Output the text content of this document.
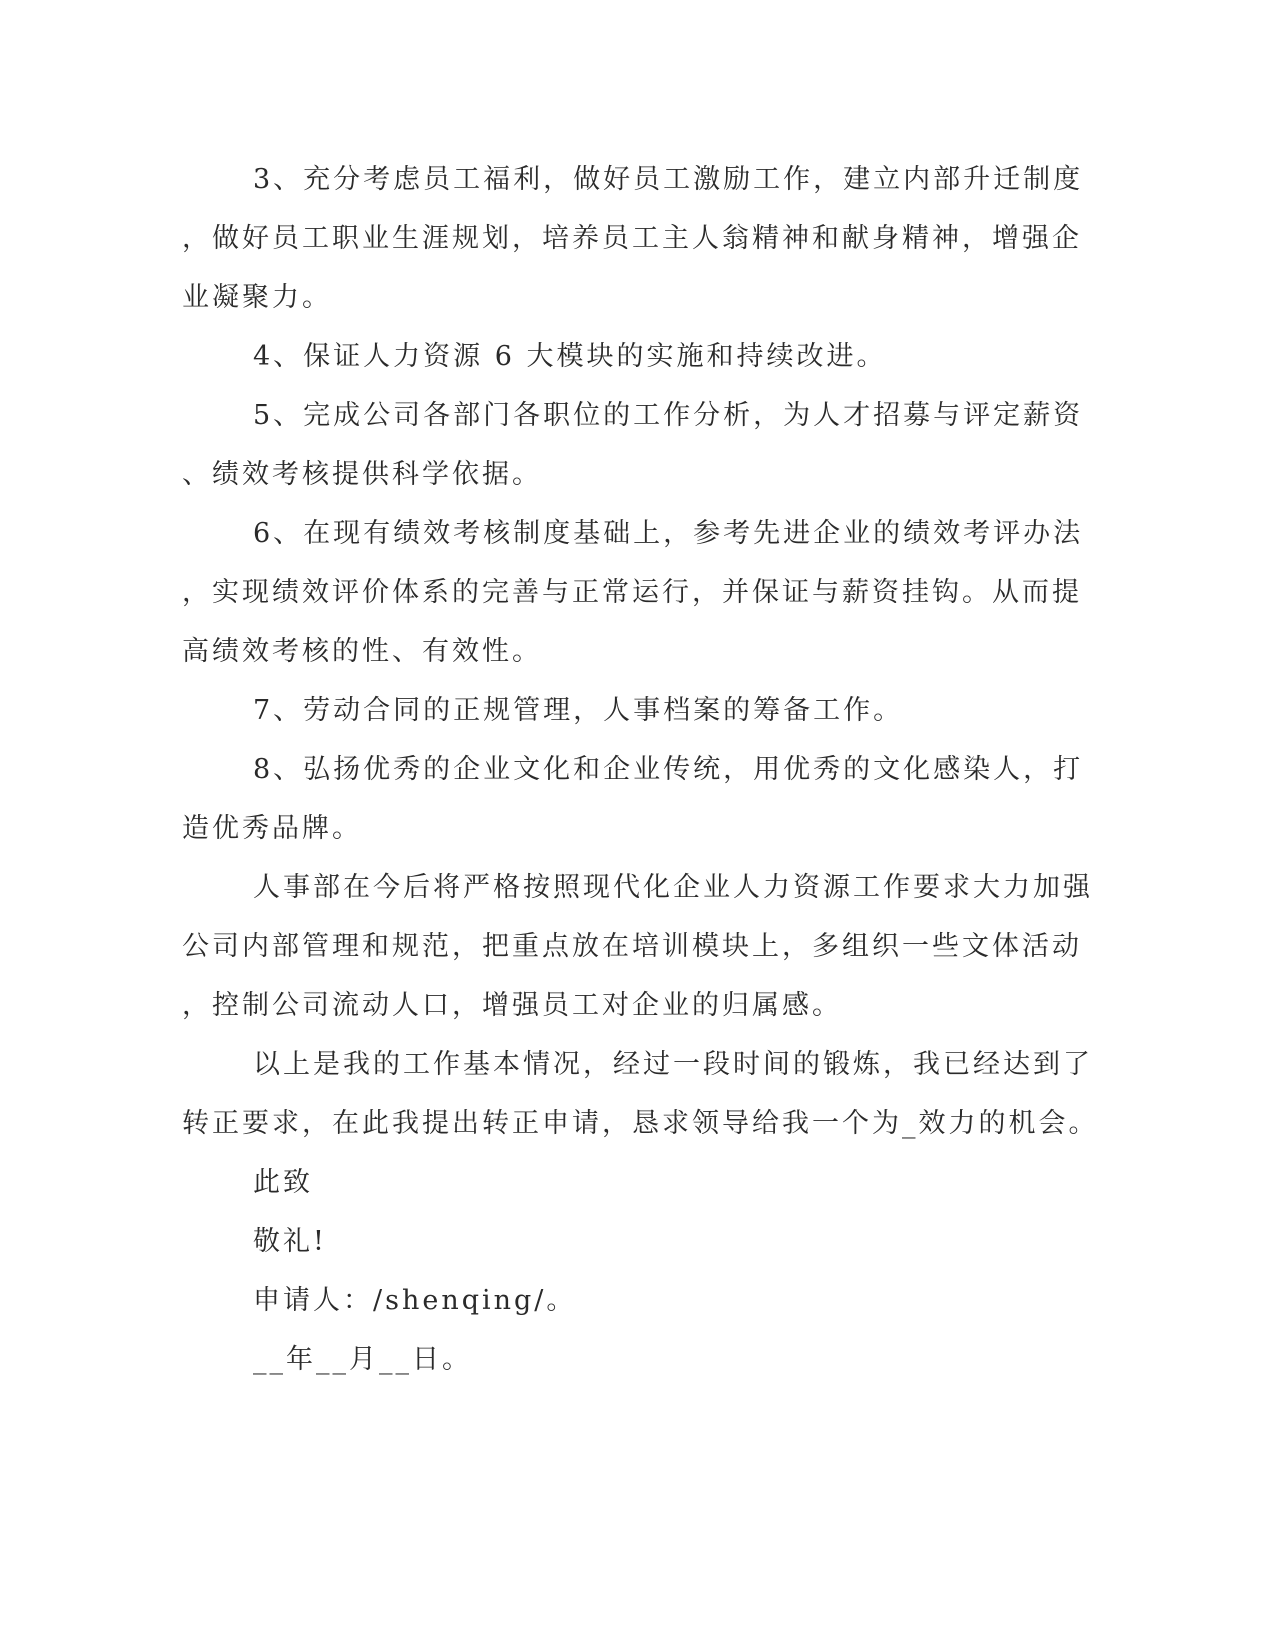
3、充分考虑员工福利，做好员工激励工作，建立内部升迁制度
，做好员工职业生涯规划，培养员工主人翁精神和献身精神，增强企
业凝聚力。
4、保证人力资源 6 大模块的实施和持续改进。
5、完成公司各部门各职位的工作分析，为人才招募与评定薪资
、绩效考核提供科学依据。
6、在现有绩效考核制度基础上，参考先进企业的绩效考评办法
，实现绩效评价体系的完善与正常运行，并保证与薪资挂钩。从而提
高绩效考核的性、有效性。
7、劳动合同的正规管理，人事档案的筹备工作。
8、弘扬优秀的企业文化和企业传统，用优秀的文化感染人，打
造优秀品牌。
人事部在今后将严格按照现代化企业人力资源工作要求大力加强
公司内部管理和规范，把重点放在培训模块上，多组织一些文体活动
，控制公司流动人口，增强员工对企业的归属感。
以上是我的工作基本情况，经过一段时间的锻炼，我已经达到了
转正要求，在此我提出转正申请，恳求领导给我一个为_效力的机会。
此致
敬礼!
申请人：/shenqing/。
__年__月__日。
